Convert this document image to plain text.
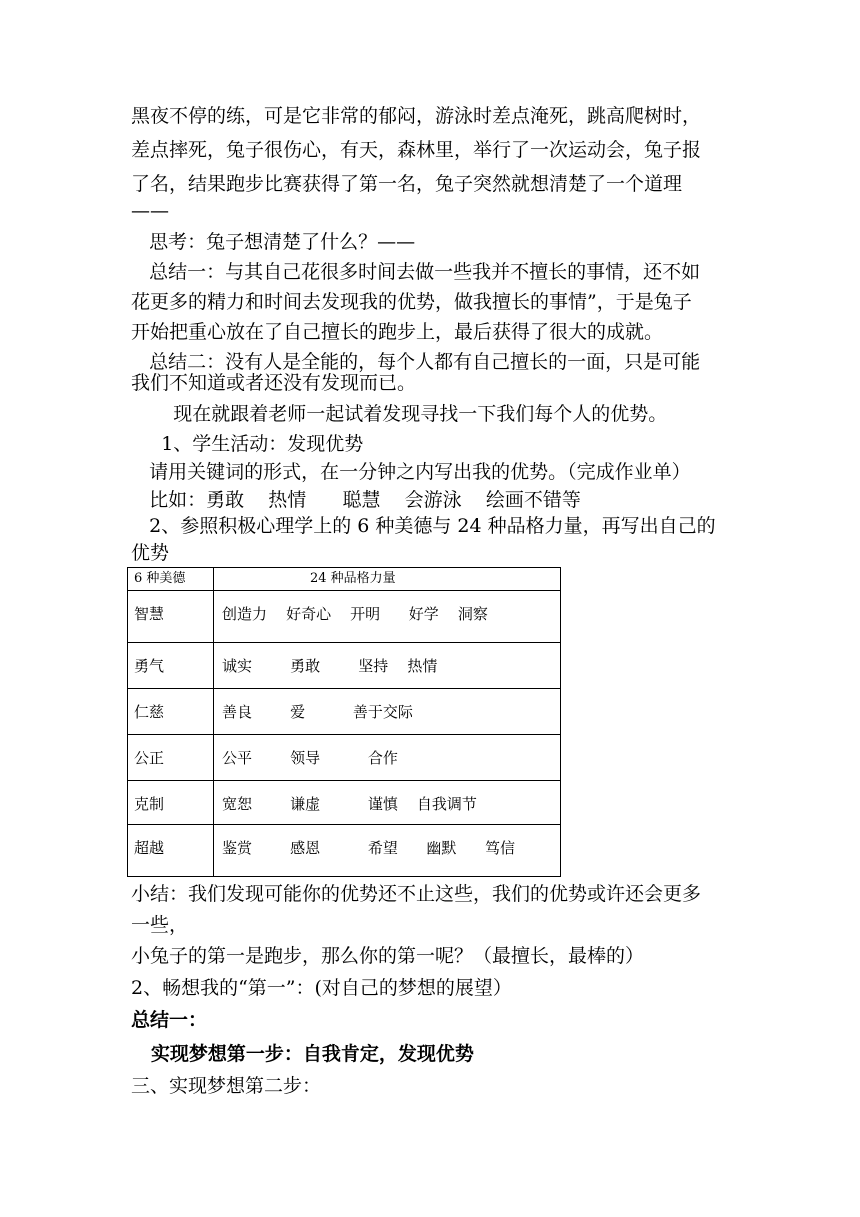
黑夜不停的练，可是它非常的郁闷，游泳时差点淹死，跳高爬树时，
差点摔死，兔子很伤心，有天，森林里，举行了一次运动会，兔子报
了名，结果跑步比赛获得了第一名，兔子突然就想清楚了一个道理
——
思考：兔子想清楚了什么？——
总结一：与其自己花很多时间去做一些我并不擅长的事情，还不如
花更多的精力和时间去发现我的优势，做我擅长的事情”，于是兔子
开始把重心放在了自己擅长的跑步上，最后获得了很大的成就。
总结二：没有人是全能的，每个人都有自己擅长的一面，只是可能
我们不知道或者还没有发现而已。
现在就跟着老师一起试着发现寻找一下我们每个人的优势。
1、学生活动：发现优势
请用关键词的形式，在一分钟之内写出我的优势。（完成作业单）
比如：勇敢    热情      聪慧    会游泳    绘画不错等
2、参照积极心理学上的 6 种美德与 24 种品格力量，再写出自己的
优势
6 种美德	24 种品格力量
智慧	创造力    好奇心    开明      好学    洞察
勇气	诚实        勇敢        坚持    热情
仁慈	善良        爱          善于交际
公正	公平        领导          合作
克制	宽恕        谦虚          谨慎    自我调节
超越	鉴赏        感恩          希望      幽默      笃信
小结：我们发现可能你的优势还不止这些，我们的优势或许还会更多
一些，
小兔子的第一是跑步，那么你的第一呢？（最擅长，最棒的）
2、畅想我的“第一”：(对自己的梦想的展望）
总结一：
实现梦想第一步：自我肯定，发现优势
三、实现梦想第二步：
